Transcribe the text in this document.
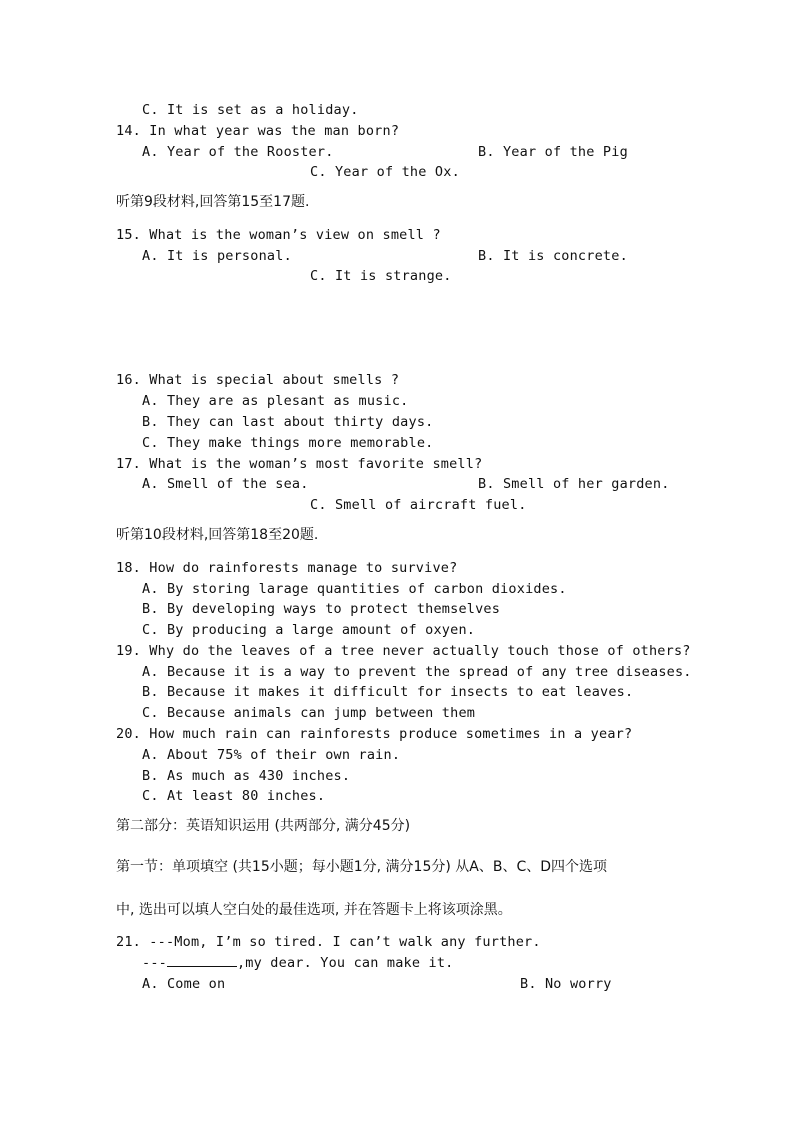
C. It is set as a holiday.
14. In what year was the man born?
A. Year of the Rooster.	B. Year of the Pig
C. Year of the Ox.
听第9段材料,回答第15至17题.
15. What is the woman’s view on smell ?
A. It is personal.	B. It is concrete.
C. It is strange.
16. What is special about smells ?
A. They are as plesant as music.
B. They can last about thirty days.
C. They make things more memorable.
17. What is the woman’s most favorite smell?
A. Smell of the sea.	B. Smell of her garden.
C. Smell of aircraft fuel.
听第10段材料,回答第18至20题.
18. How do rainforests manage to survive?
A. By storing larage quantities of carbon dioxides.
B. By developing ways to protect themselves
C. By producing a large amount of oxyen.
19. Why do the leaves of a tree never actually touch those of others?
A. Because it is a way to prevent the spread of any tree diseases.
B. Because it makes it difficult for insects to eat leaves.
C. Because animals can jump between them
20. How much rain can rainforests produce sometimes in a year?
A. About 75% of their own rain.
B. As much as 430 inches.
C. At least 80 inches.
第二部分：英语知识运用 (共两部分, 满分45分)
第一节：单项填空 (共15小题；每小题1分, 满分15分) 从A、B、C、D四个选项
中, 选出可以填人空白处的最佳选项, 并在答题卡上将该项涂黑。
21. ---Mom, I’m so tired. I can’t walk any further.
---	,my dear. You can make it.
A. Come on	B. No worry
